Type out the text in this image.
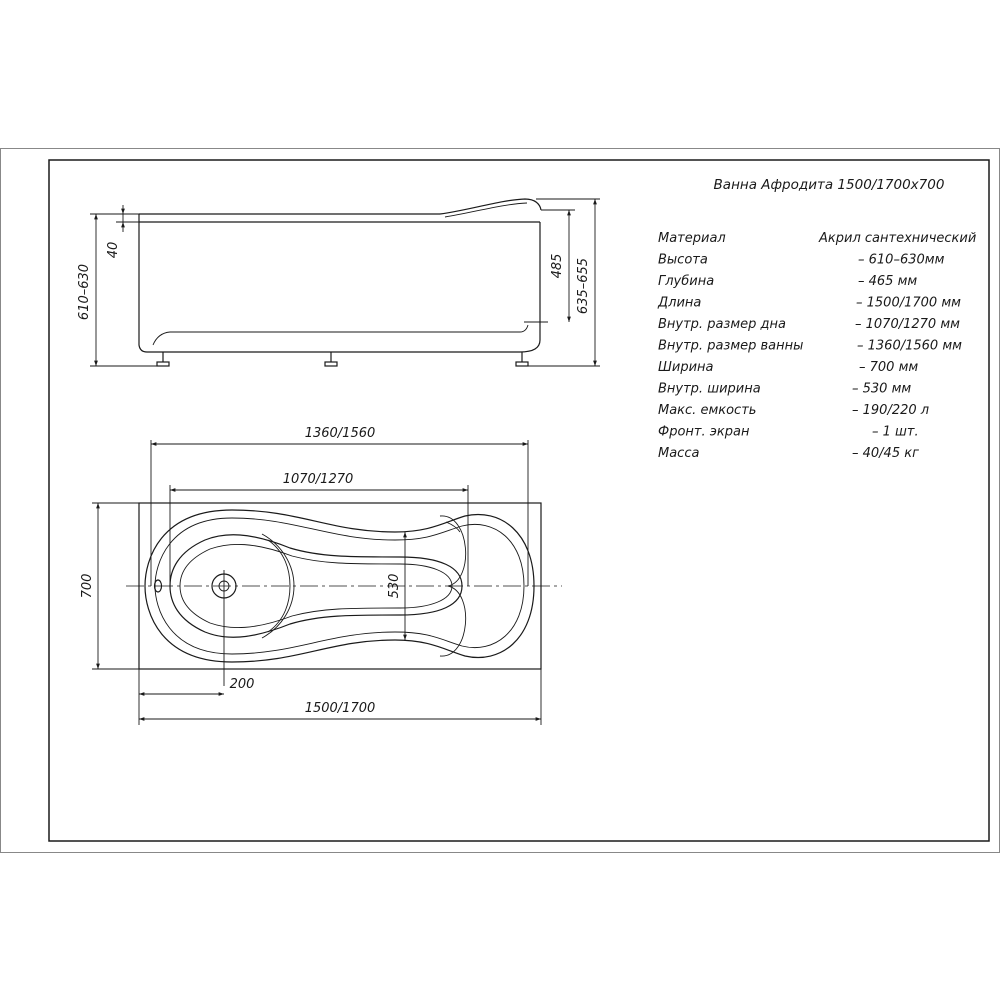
610–630
40
485 635–655
1360/1560
1070/1270
700	530
200
1500/1700
Ванна Афродита 1500/1700x700
Материал	Акрил сантехнический
Высота	– 610–630мм
Глубина	– 465 мм
Длина	– 1500/1700 мм
Внутр. размер дна	– 1070/1270 мм
Внутр. размер ванны	– 1360/1560 мм
Ширина	– 700 мм
Внутр. ширина	– 530 мм
Макс. емкость	– 190/220 л
Фронт. экран	– 1 шт.
Масса	– 40/45 кг
